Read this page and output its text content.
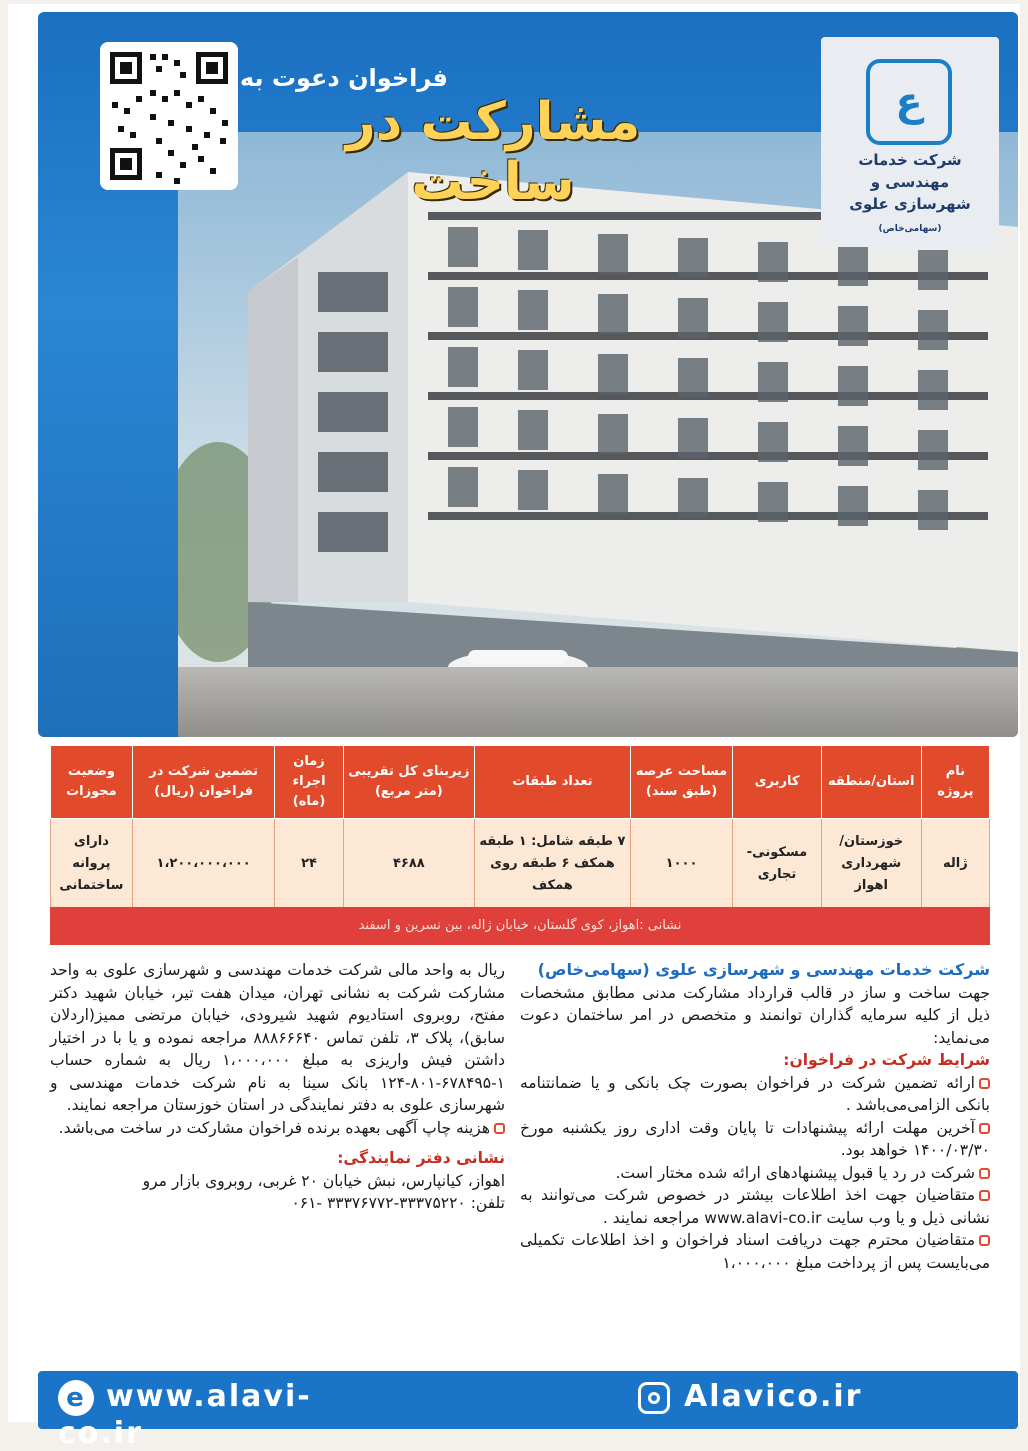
فراخوان دعوت به
مشارکت در ساخت
ع
شرکت خدمات مهندسی و
شهرسازی علوی (سهامی‌خاص)
نام پروژه	استان/منطقه	کاربری	مساحت عرصه (طبق سند)	تعداد طبقات	زیربنای کل تقریبی (متر مربع)	زمان اجراء (ماه)	تضمین شرکت در فراخوان (ریال)	وضعیت مجوزات
ژاله	خوزستان/ شهرداری اهواز	مسکونی- تجاری	۱۰۰۰	۷ طبقه شامل: ۱ طبقه همکف ۶ طبقه روی همکف	۴۶۸۸	۲۴	۱،۲۰۰،۰۰۰،۰۰۰	دارای پروانه ساختمانی
نشانی :اهواز، کوی گلستان، خیابان ژاله، بین نسرین و اسفند

شرکت خدمات مهندسی و شهرسازی علوی (سهامی‌خاص)

جهت ساخت و ساز در قالب قرارداد مشارکت مدنی مطابق مشخصات ذیل از کلیه سرمایه گذاران توانمند و متخصص در امر ساختمان دعوت می‌نماید:

شرایط شرکت در فراخوان:

ارائه تضمین شرکت در فراخوان بصورت چک بانکی و یا ضمانتنامه بانکی الزامی‌می‌باشد .

آخرین مهلت ارائه پیشنهادات تا پایان وقت اداری روز یکشنبه مورخ ۱۴۰۰/۰۳/۳۰ خواهد بود.

شرکت در رد یا قبول پیشنهادهای ارائه شده مختار است.

متقاضیان جهت اخذ اطلاعات بیشتر در خصوص شرکت می‌توانند به نشانی ذیل و یا وب سایت www.alavi-co.ir مراجعه نمایند .

متقاضیان محترم جهت دریافت اسناد فراخوان و اخذ اطلاعات تکمیلی می‌بایست پس از پرداخت مبلغ ۱،۰۰۰،۰۰۰

ریال به واحد مالی شرکت خدمات مهندسی و شهرسازی علوی به واحد مشارکت شرکت به نشانی تهران، میدان هفت تیر، خیابان شهید دکتر مفتح، روبروی استادیوم شهید شیرودی، خیابان مرتضی ممیز(اردلان سابق)، پلاک ۳، تلفن تماس ۸۸۸۶۶۶۴۰ مراجعه نموده و یا با در اختیار داشتن فیش واریزی به مبلغ ۱،۰۰۰،۰۰۰ ریال به شماره حساب ۱-۶۷۸۴۹۵-۸۰۱-۱۲۴ بانک سینا به نام شرکت خدمات مهندسی و شهرسازی علوی به دفتر نمایندگی در استان خوزستان مراجعه نمایند.

هزینه چاپ آگهی بعهده برنده فراخوان مشارکت در ساخت می‌باشد.

نشانی دفتر نمایندگی:

اهواز، کیانپارس، نبش خیابان ۲۰ غربی، روبروی بازار مرو

تلفن: ۳۳۳۷۵۲۲۰-۳۳۳۷۶۷۷۲ -۰۶۱

e www.alavi-co.ir
Alavico.ir
